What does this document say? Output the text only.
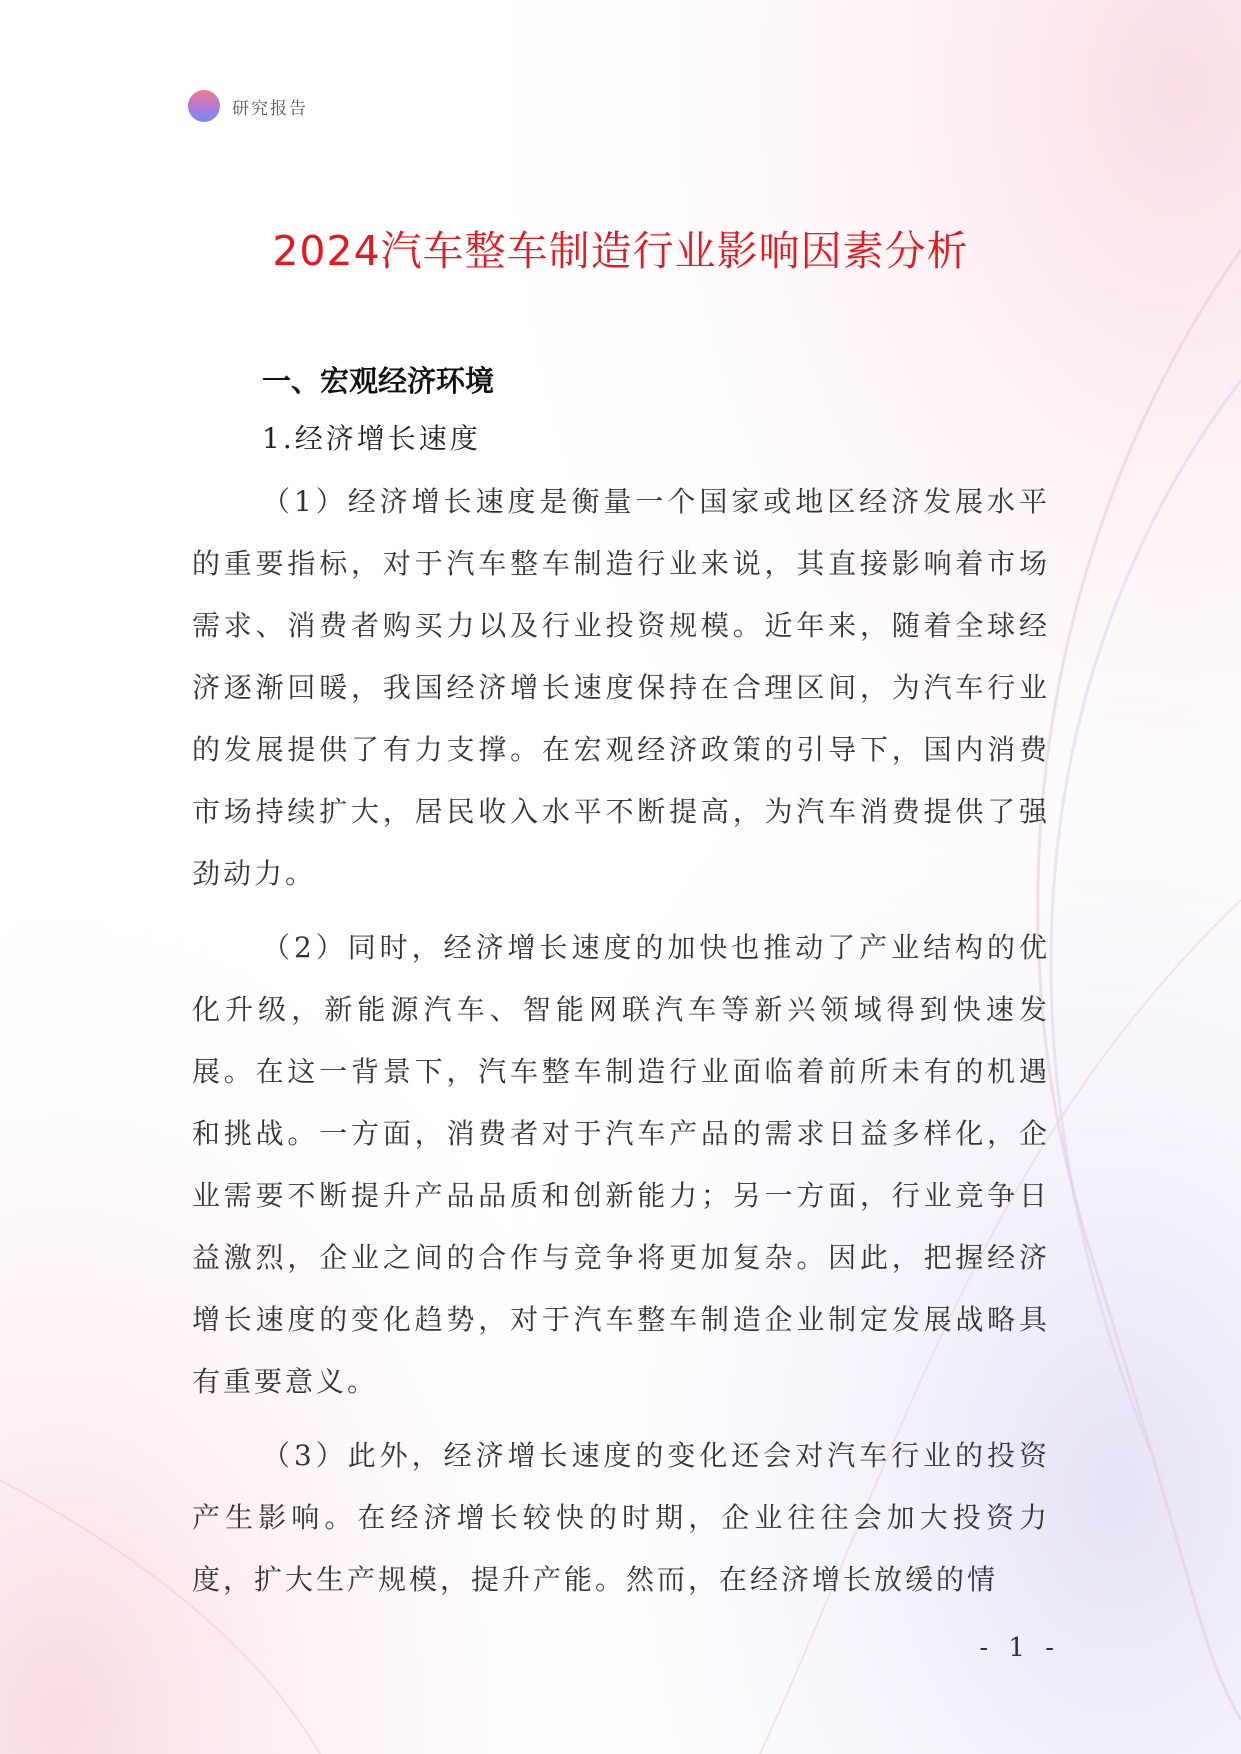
研究报告
2024汽车整车制造行业影响因素分析
一、宏观经济环境
1.经济增长速度

（1）经济增长速度是衡量一个国家或地区经济发展水平的重要指标，对于汽车整车制造行业来说，其直接影响着市场需求、消费者购买力以及行业投资规模。近年来，随着全球经济逐渐回暖，我国经济增长速度保持在合理区间，为汽车行业的发展提供了有力支撑。在宏观经济政策的引导下，国内消费市场持续扩大，居民收入水平不断提高，为汽车消费提供了强劲动力。

（2）同时，经济增长速度的加快也推动了产业结构的优化升级，新能源汽车、智能网联汽车等新兴领域得到快速发展。在这一背景下，汽车整车制造行业面临着前所未有的机遇和挑战。一方面，消费者对于汽车产品的需求日益多样化，企业需要不断提升产品品质和创新能力；另一方面，行业竞争日益激烈，企业之间的合作与竞争将更加复杂。因此，把握经济增长速度的变化趋势，对于汽车整车制造企业制定发展战略具有重要意义。

（3）此外，经济增长速度的变化还会对汽车行业的投资产生影响。在经济增长较快的时期，企业往往会加大投资力度，扩大生产规模，提升产能。然而，在经济增长放缓的情

- 1 -
